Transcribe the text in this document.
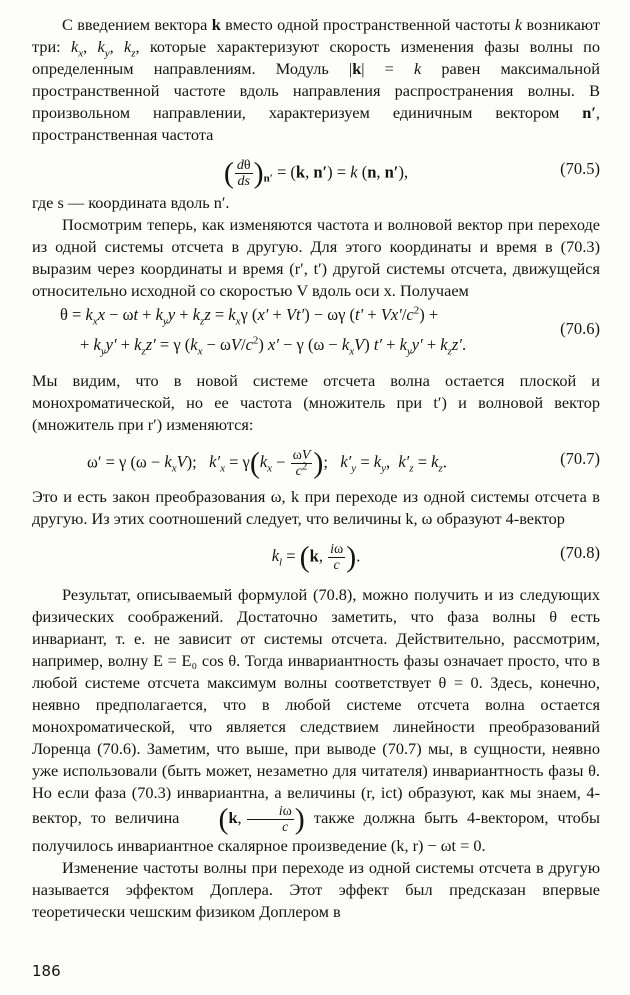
С введением вектора k вместо одной пространственной частоты k возникают три: $k_x$, $k_y$, $k_z$, которые характеризуют скорость изменения фазы волны по определенным направлениям. Модуль |k| = k равен максимальной пространственной частоте вдоль направления распространения волны. В произвольном направлении, характеризуем единичным вектором n′, пространственная частота

( $\frac{d\theta}{ds} )_{n'} = (k$, n′) = k (n, n′),	(70.5)

где s — координата вдоль n′.

Посмотрим теперь, как изменяются частота и волновой вектор при переходе из одной системы отсчета в другую. Для этого координаты и время в (70.3) выразим через координаты и время (r′, t′) другой системы отсчета, движущейся относительно исходной со скоростью V вдоль оси x. Получаем

$\theta = k_xx - \omega t + k_yy + k_zz = k_x\gamma$ (x′ + Vt′) − ωγ $(t' + Vx'/c^2)$ +
(70.6)
+ $k_yy' + k_zz' = \gamma$ $(k_x - \omega V/c^2) x' - \gamma$ $(\omega - k_xV)$ $t' + k_yy' + k_zz'$.

Мы видим, что в новой системе отсчета волна остается плоской и монохроматической, но ее частота (множитель при t′) и волновой вектор (множитель при r′) изменяются:

ω′ = γ $(\omega - k_xV)$;   $k'_x = \gamma(k_x - \frac{\omega V}{c^2}$ );   $k'_y = k_y$,  $k'_z = k_z$.	(70.7)

Это и есть закон преобразования ω, k при переходе из одной системы отсчета в другую. Из этих соотношений следует, что величины k, ω образуют 4-вектор

$k_l = (k$, $\frac{i\omega}{c}$ ).	(70.8)

Результат, описываемый формулой (70.8), можно получить и из следующих физических соображений. Достаточно заметить, что фаза волны θ есть инвариант, т. е. не зависит от системы отсчета. Действительно, рассмотрим, например, волну E = E₀ cos θ. Тогда инвариантность фазы означает просто, что в любой системе отсчета максимум волны соответствует θ = 0. Здесь, конечно, неявно предполагается, что в любой системе отсчета волна остается монохроматической, что является следствием линейности преобразований Лоренца (70.6). Заметим, что выше, при выводе (70.7) мы, в сущности, неявно уже использовали (быть может, незаметно для читателя) инвариантность фазы θ. Но если фаза (70.3) инвариантна, а величины (r, ict) образуют, как мы знаем, 4-вектор, то величина (k, $\frac{i\omega}{c}$ ) также должна быть 4-вектором, чтобы получилось инвариантное скалярное произведение (k, r) − ωt = 0.

Изменение частоты волны при переходе из одной системы отсчета в другую называется эффектом Доплера. Этот эффект был предсказан впервые теоретически чешским физиком Доплером в

186
